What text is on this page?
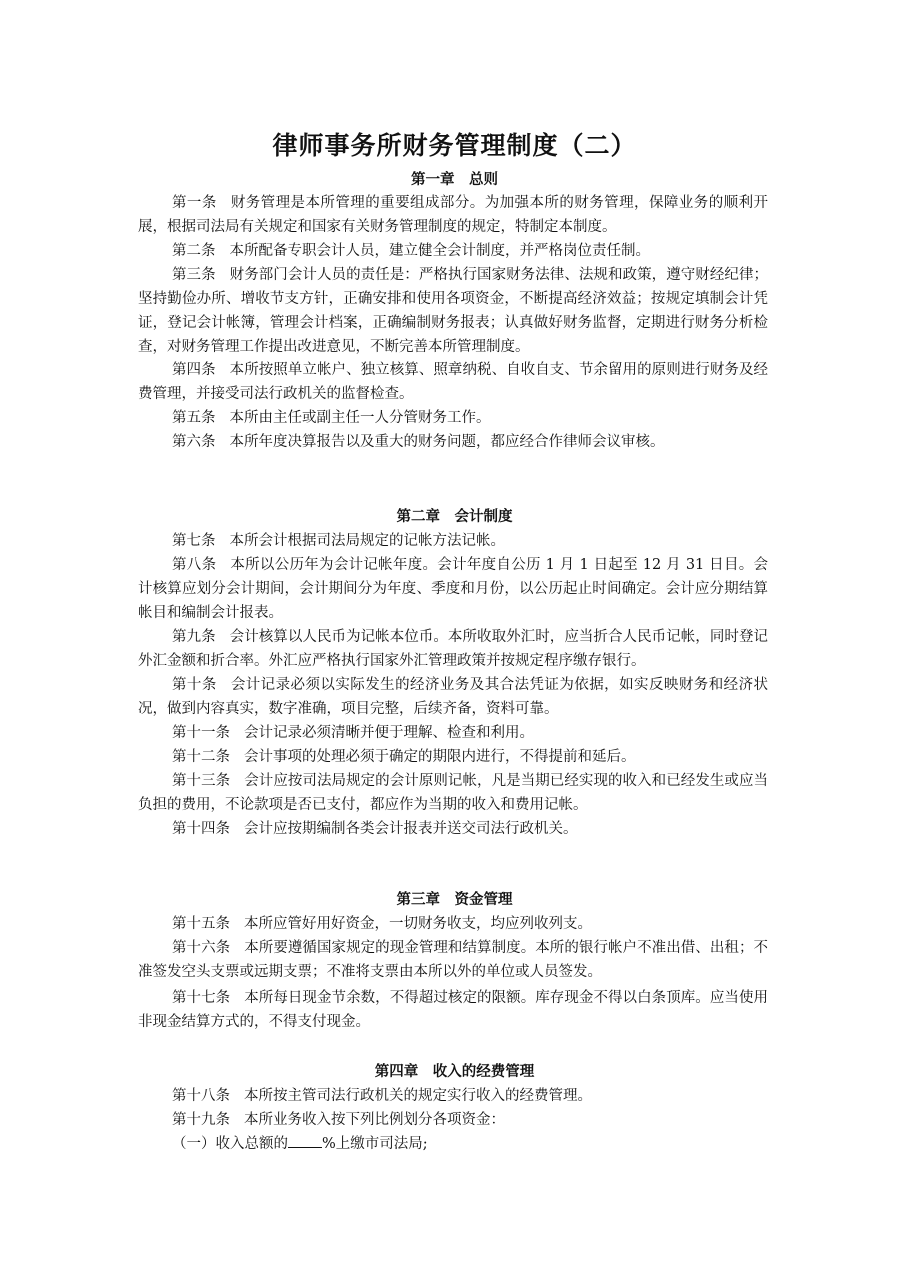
律师事务所财务管理制度（二）
第一章　总则

第一条 财务管理是本所管理的重要组成部分。为加强本所的财务管理，保障业务的顺利开展，根据司法局有关规定和国家有关财务管理制度的规定，特制定本制度。

第二条 本所配备专职会计人员，建立健全会计制度，并严格岗位责任制。

第三条 财务部门会计人员的责任是：严格执行国家财务法律、法规和政策，遵守财经纪律；坚持勤俭办所、增收节支方针，正确安排和使用各项资金，不断提高经济效益；按规定填制会计凭证，登记会计帐簿，管理会计档案，正确编制财务报表；认真做好财务监督，定期进行财务分析检查，对财务管理工作提出改进意见，不断完善本所管理制度。

第四条 本所按照单立帐户、独立核算、照章纳税、自收自支、节余留用的原则进行财务及经费管理，并接受司法行政机关的监督检查。

第五条 本所由主任或副主任一人分管财务工作。

第六条 本所年度决算报告以及重大的财务问题，都应经合作律师会议审核。

第二章　会计制度

第七条 本所会计根据司法局规定的记帐方法记帐。

第八条 本所以公历年为会计记帐年度。会计年度自公历 1 月 1 日起至 12 月 31 日目。会计核算应划分会计期间，会计期间分为年度、季度和月份，以公历起止时间确定。会计应分期结算帐目和编制会计报表。

第九条 会计核算以人民币为记帐本位币。本所收取外汇时，应当折合人民币记帐，同时登记外汇金额和折合率。外汇应严格执行国家外汇管理政策并按规定程序缴存银行。

第十条 会计记录必须以实际发生的经济业务及其合法凭证为依据，如实反映财务和经济状况，做到内容真实，数字准确，项目完整，后续齐备，资料可靠。

第十一条 会计记录必须清晰并便于理解、检查和利用。

第十二条 会计事项的处理必须于确定的期限内进行，不得提前和延后。

第十三条 会计应按司法局规定的会计原则记帐，凡是当期已经实现的收入和已经发生或应当负担的费用，不论款项是否已支付，都应作为当期的收入和费用记帐。

第十四条 会计应按期编制各类会计报表并送交司法行政机关。

第三章　资金管理

第十五条 本所应管好用好资金，一切财务收支，均应列收列支。

第十六条 本所要遵循国家规定的现金管理和结算制度。本所的银行帐户不准出借、出租；不准签发空头支票或远期支票；不准将支票由本所以外的单位或人员签发。

第十七条 本所每日现金节余数，不得超过核定的限额。库存现金不得以白条顶库。应当使用非现金结算方式的，不得支付现金。

第四章　收入的经费管理

第十八条 本所按主管司法行政机关的规定实行收入的经费管理。

第十九条 本所业务收入按下列比例划分各项资金：

（一）收入总额的 %上缴市司法局;
